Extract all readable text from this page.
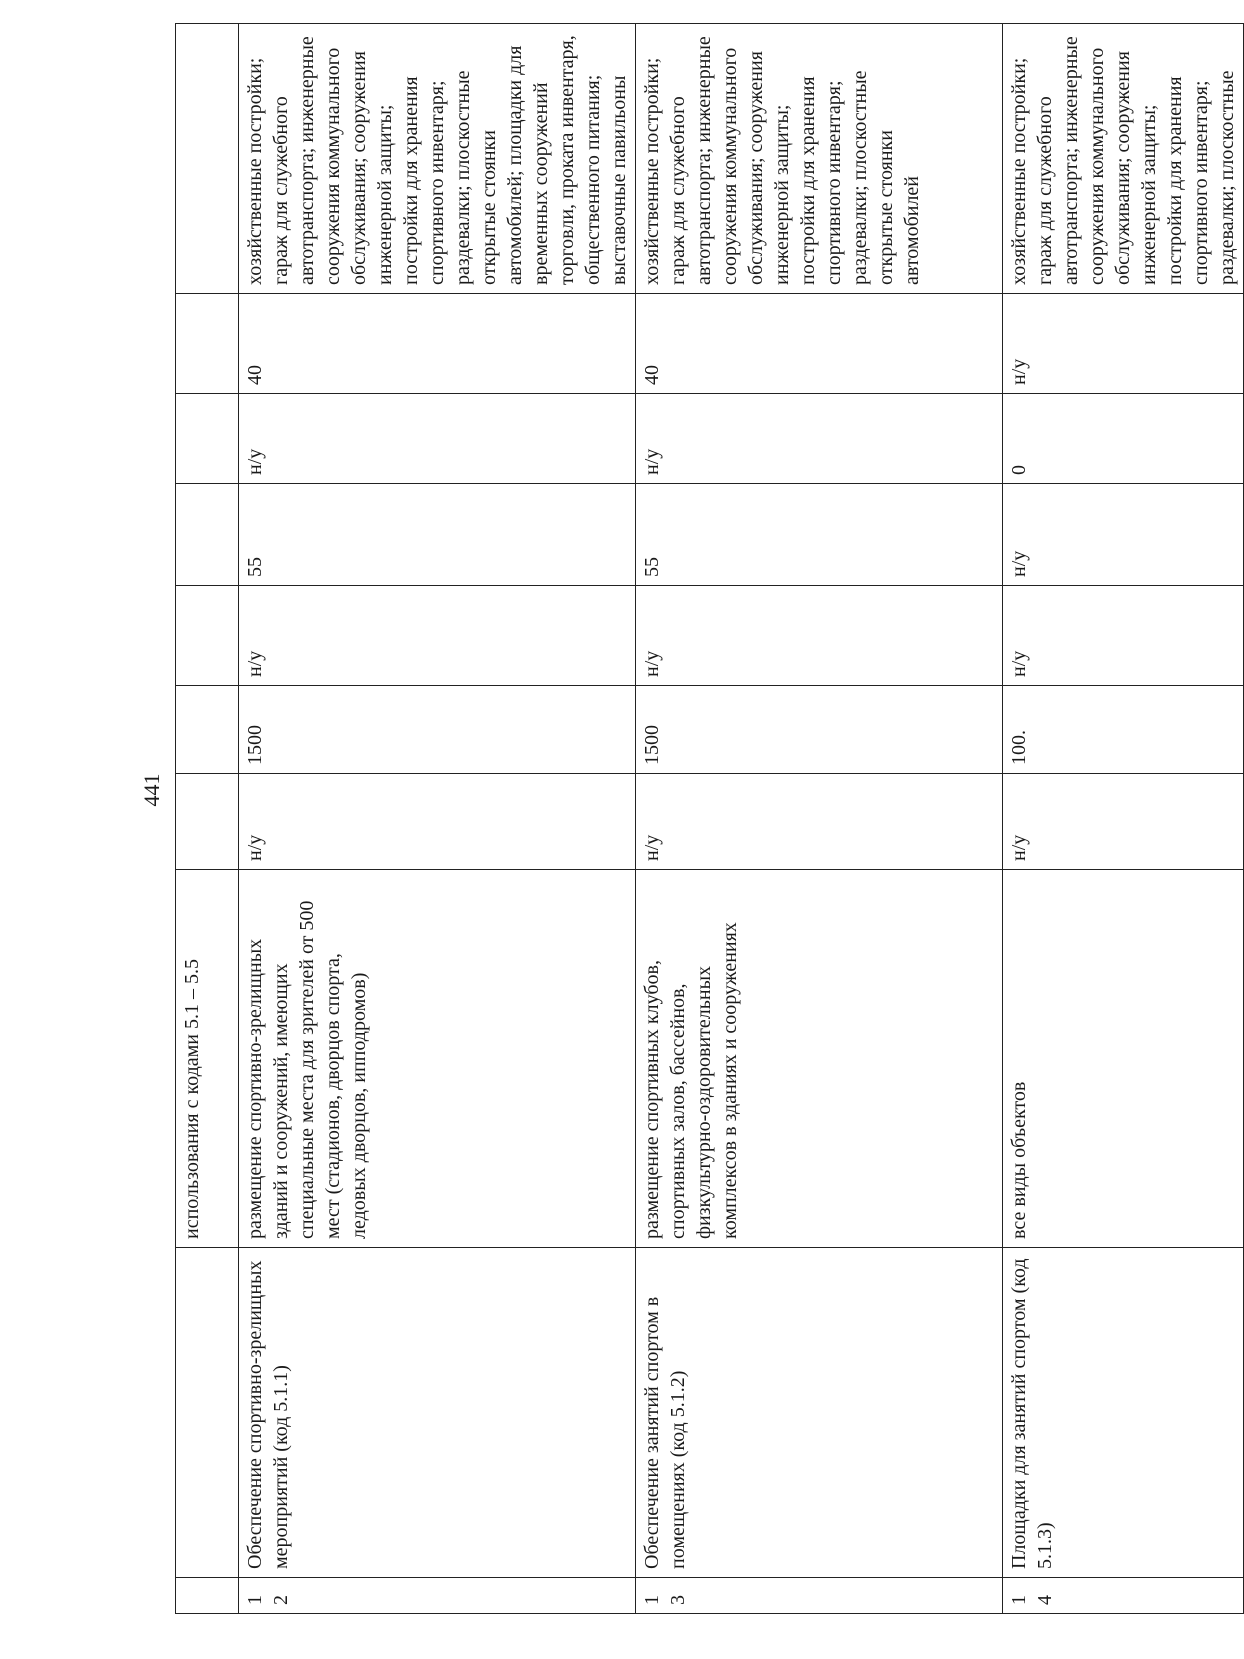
441

		использования с кодами 5.1 – 5.5							

12	Обеспечение спортивно-зрелищных мероприятий (код 5.1.1)	размещение спортивно-зрелищных зданий и сооружений, имеющих специальные места для зрителей от 500 мест (стадионов, дворцов спорта, ледовых дворцов, ипподромов)	н/у	1500	н/у	55	н/у	40	хозяйственные постройки; гараж для служебного автотранспорта; инженерные сооружения коммунального обслуживания; сооружения инженерной защиты; постройки для хранения спортивного инвентаря; раздевалки; плоскостные открытые стоянки автомобилей; площадки для временных сооружений торговли, проката инвентаря, общественного питания; выставочные павильоны
13	Обеспечение занятий спортом в помещениях (код 5.1.2)	размещение спортивных клубов, спортивных залов, бассейнов, физкультурно-оздоровительных комплексов в зданиях и сооружениях	н/у	1500	н/у	55	н/у	40	хозяйственные постройки; гараж для служебного автотранспорта; инженерные сооружения коммунального обслуживания; сооружения инженерной защиты; постройки для хранения спортивного инвентаря; раздевалки; плоскостные открытые стоянки автомобилей
14	Площадки для занятий спортом (код 5.1.3)	все виды объектов	н/у	100.	н/у	н/у	0	н/у	хозяйственные постройки; гараж для служебного автотранспорта; инженерные сооружения коммунального обслуживания; сооружения инженерной защиты; постройки для хранения спортивного инвентаря; раздевалки; плоскостные
